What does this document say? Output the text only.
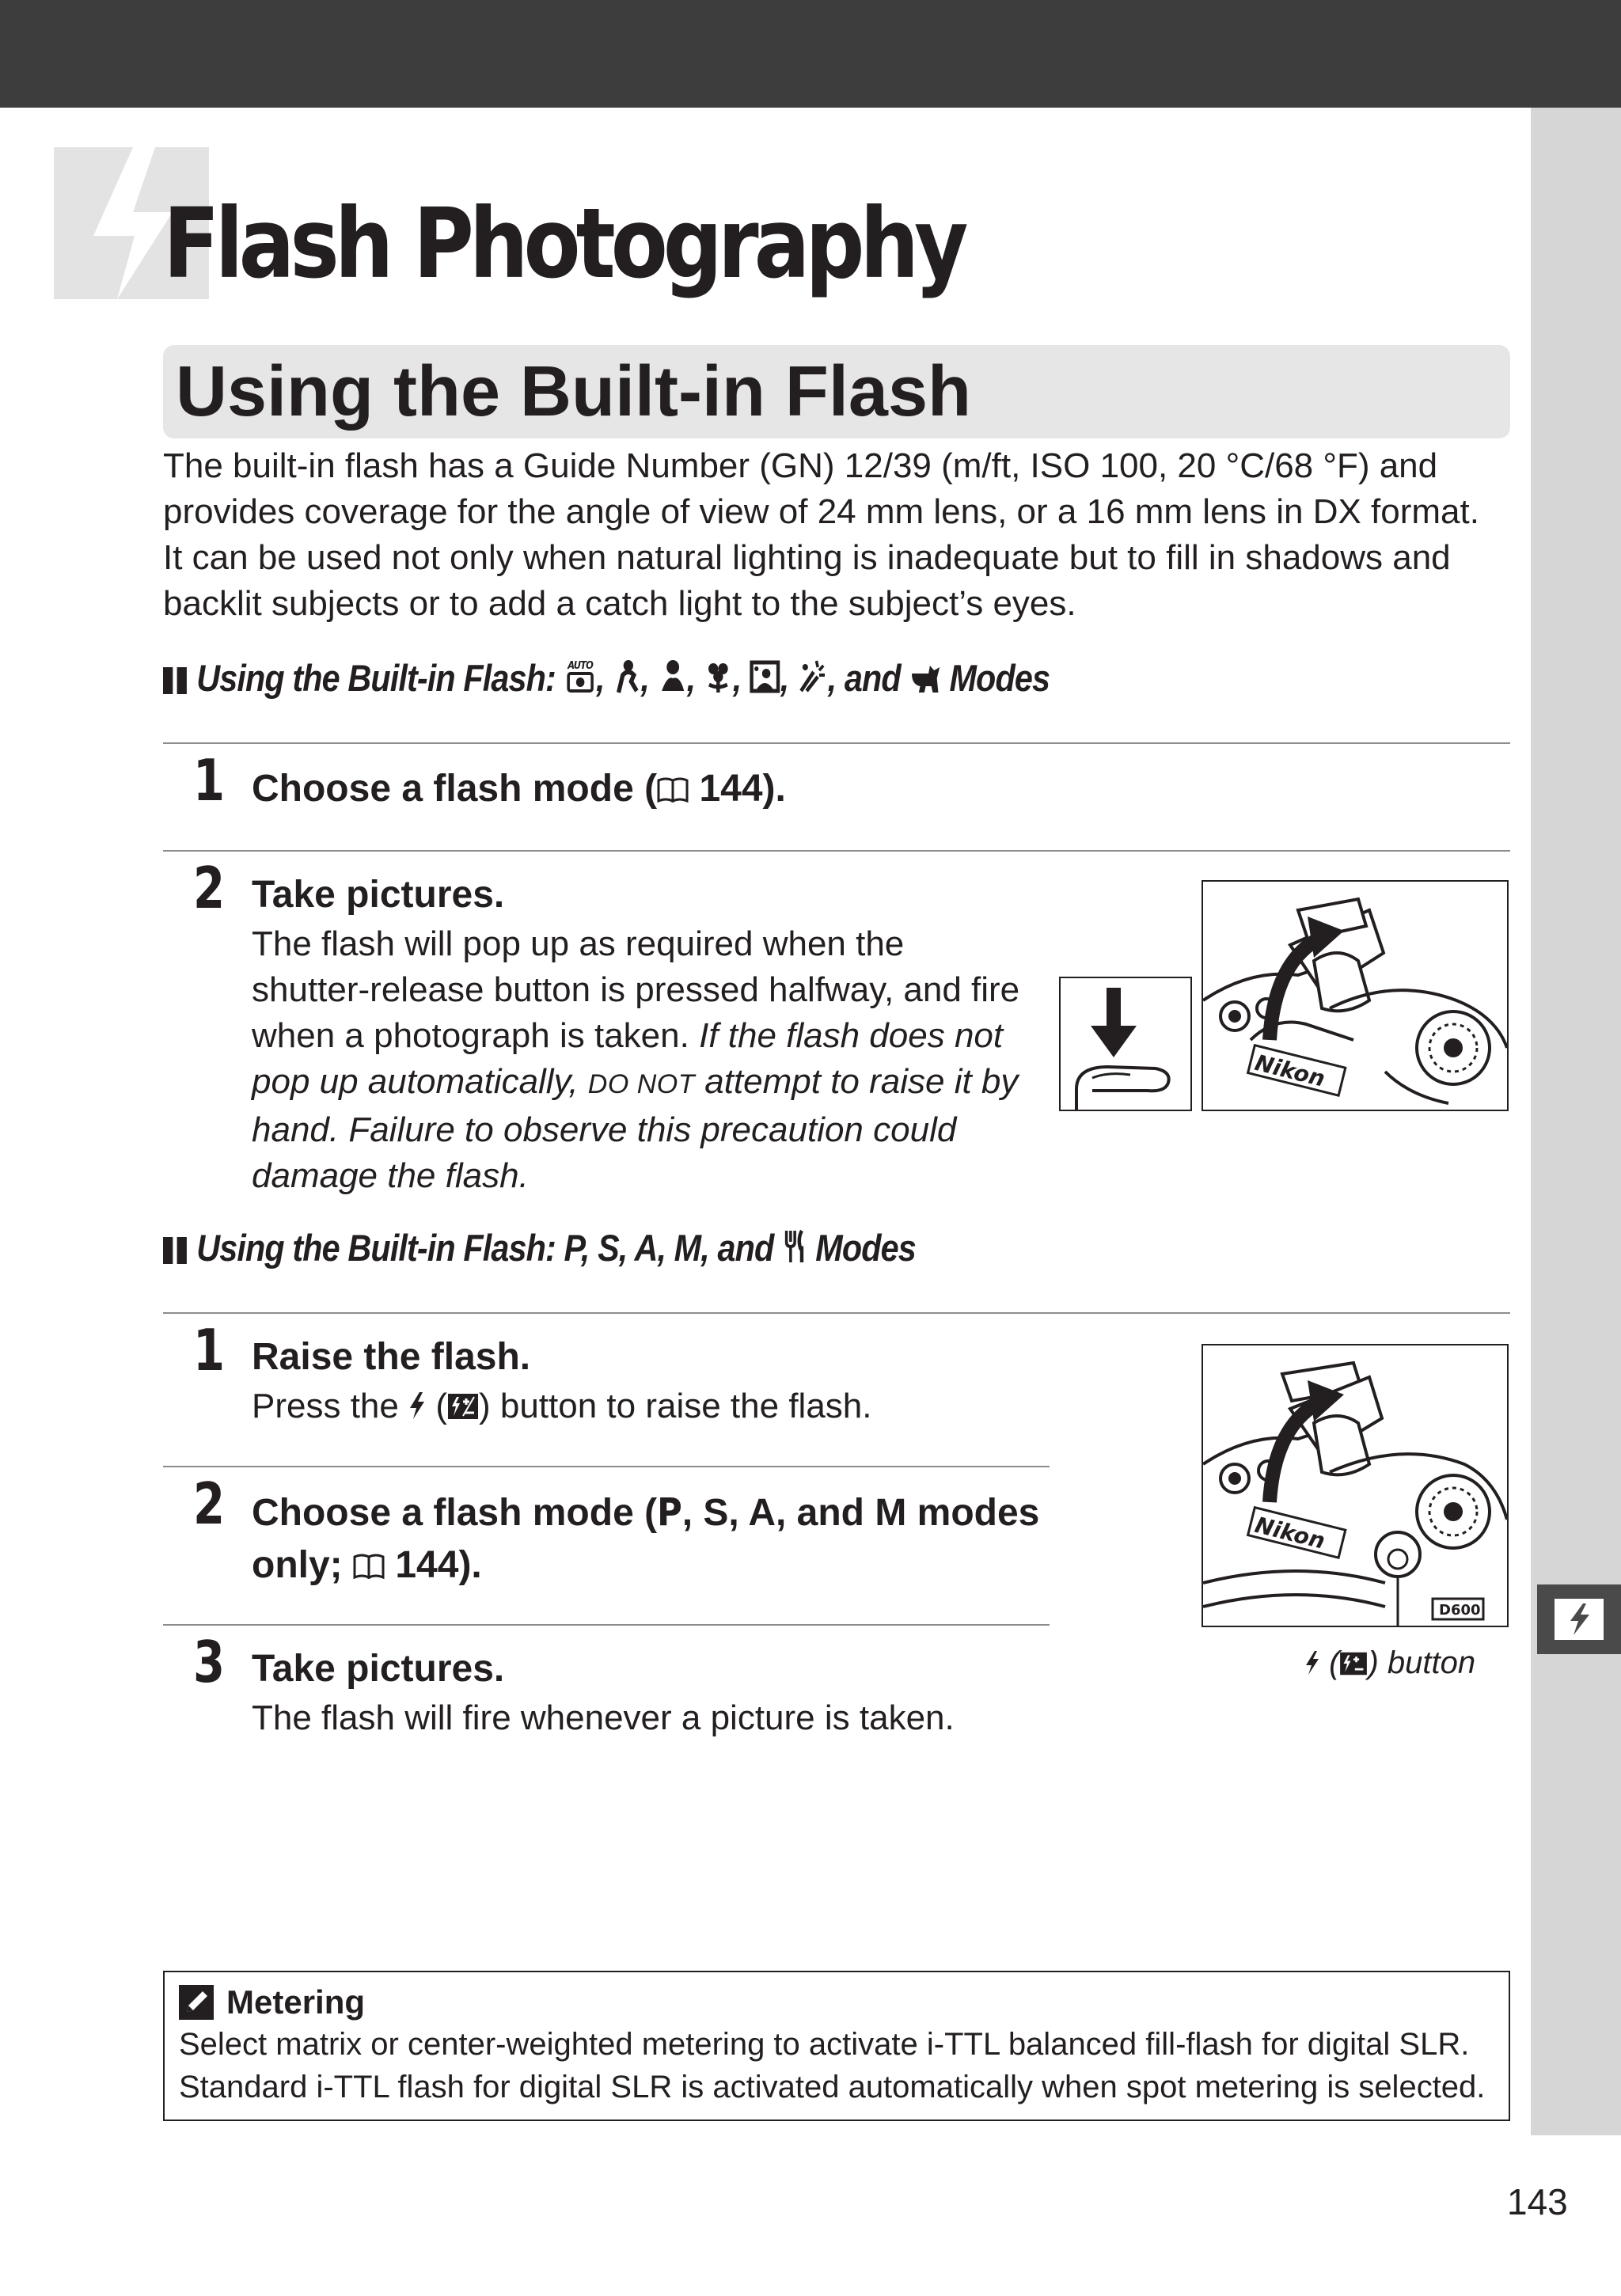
Flash Photography
Using the Built-in Flash

The built-in flash has a Guide Number (GN) 12/39 (m/ft, ISO 100, 20 °C/68 °F) and

provides coverage for the angle of view of 24 mm lens, or a 16 mm lens in DX format.

It can be used not only when natural lighting is inadequate but to fill in shadows and

backlit subjects or to add a catch light to the subject’s eyes.

Using the Built-in Flash: AUTO , , , , , , and  Modes
1 Choose a flash mode ( 144).
2 Take pictures.

The flash will pop up as required when the

shutter-release button is pressed halfway, and fire

when a photograph is taken. If the flash does not

pop up automatically, DO NOT attempt to raise it by

hand. Failure to observe this precaution could

damage the flash.

Nikon
Using the Built-in Flash: P, S, A, M, and  Modes
1 Raise the flash.

Press the  ( ) button to raise the flash.

2 Choose a flash mode (P, S, A, and M modes
only;  144).
3 Take pictures.

The flash will fire whenever a picture is taken.

Nikon
D600
( ) button
Metering

Select matrix or center-weighted metering to activate i-TTL balanced fill-flash for digital SLR.

Standard i-TTL flash for digital SLR is activated automatically when spot metering is selected.

143
